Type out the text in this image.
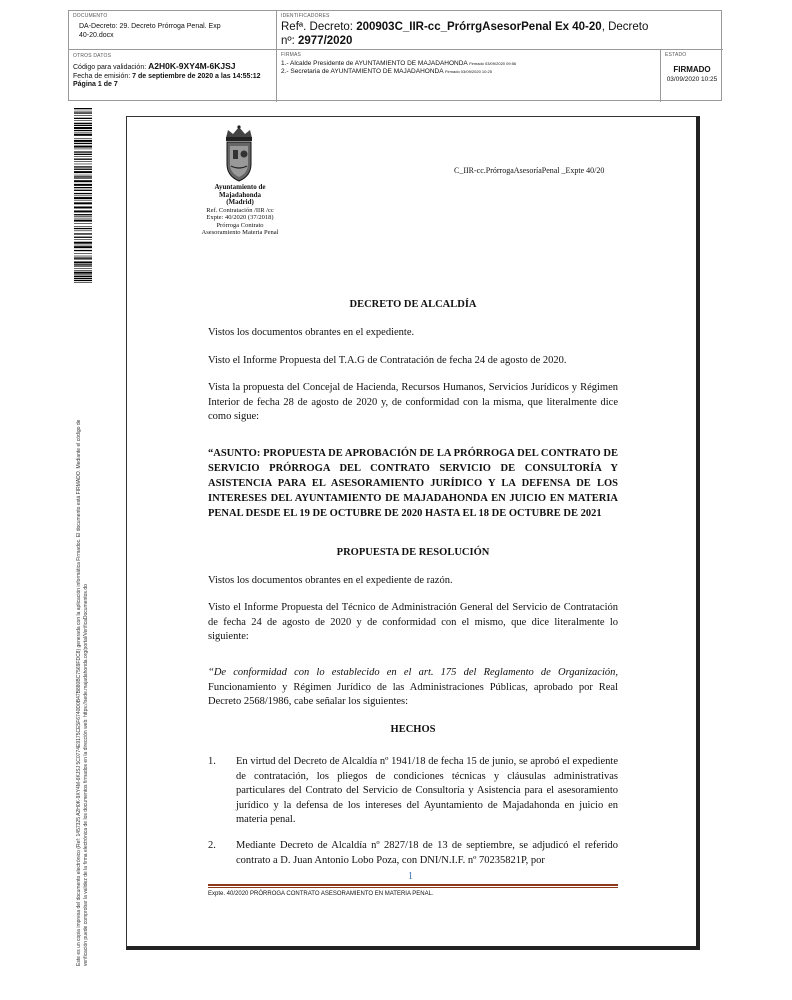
DOCUMENTO
DA-Decreto: 29. Decreto Prórroga Penal. Exp
40-20.docx
IDENTIFICADORES
Refª. Decreto: 200903C_IIR-cc_PrórrgAsesorPenal Ex 40-20, Decreto
nº: 2977/2020
OTROS DATOS
Código para validación: A2H0K-9XY4M-6KJSJ
Fecha de emisión: 7 de septiembre de 2020 a las 14:55:12
Página 1 de 7
FIRMAS
1.- Alcalde Presidente de AYUNTAMIENTO DE MAJADAHONDA Firmado 03/09/2020 09:56
2.- Secretaria de AYUNTAMIENTO DE MAJADAHONDA Firmado 03/09/2020 10:25
ESTADO
FIRMADO
03/09/2020 10:25
Este es un copia impresa del documento electrónico (Ref: 1457325 A2H0K-9XY4M-6KJSJ 5C0774E9175CE5F6740D0B47B880BC7569FDC8) generada con la aplicación informática Firmadoc. El documento está FIRMADO. Mediante el código de verificación puede comprobar la validez de la firma electrónica de los documentos firmados en la dirección web: https://sede.majadahonda.org/portal/VerificaDocumentos.do
Ayuntamiento de
Majadahonda
(Madrid)
Ref. Contratación /IIR /cc
Expte: 40/2020 (37/2018)
Prórroga Contrato
Asesoramiento Materia Penal
C_IIR-cc.PrórrogaAsesoríaPenal _Expte 40/20
DECRETO DE ALCALDÍA
Vistos los documentos obrantes en el expediente.
Visto el Informe Propuesta del T.A.G de Contratación de fecha 24 de agosto de 2020.
Vista la propuesta del Concejal de Hacienda, Recursos Humanos, Servicios Jurídicos y Régimen Interior de fecha 28 de agosto de 2020 y, de conformidad con la misma, que literalmente dice como sigue:
“ASUNTO: PROPUESTA DE APROBACIÓN DE LA PRÓRROGA DEL CONTRATO DE SERVICIO PRÓRROGA DEL CONTRATO SERVICIO DE CONSULTORÍA Y ASISTENCIA PARA EL ASESORAMIENTO JURÍDICO Y LA DEFENSA DE LOS INTERESES DEL AYUNTAMIENTO DE MAJADAHONDA EN JUICIO EN MATERIA PENAL DESDE EL 19 DE OCTUBRE DE 2020 HASTA EL 18 DE OCTUBRE DE 2021
PROPUESTA DE RESOLUCIÓN
Vistos los documentos obrantes en el expediente de razón.
Visto el Informe Propuesta del Técnico de Administración General del Servicio de Contratación de fecha 24 de agosto de 2020 y de conformidad con el mismo, que dice literalmente lo siguiente:
“De conformidad con lo establecido en el art. 175 del Reglamento de Organización, Funcionamiento y Régimen Jurídico de las Administraciones Públicas, aprobado por Real Decreto 2568/1986, cabe señalar los siguientes:
HECHOS
1. En virtud del Decreto de Alcaldía nº 1941/18 de fecha 15 de junio, se aprobó el expediente de contratación, los pliegos de condiciones técnicas y cláusulas administrativas particulares del Contrato del Servicio de Consultoría y Asistencia para el asesoramiento jurídico y la defensa de los intereses del Ayuntamiento de Majadahonda en juicio en materia penal.
2. Mediante Decreto de Alcaldía nº 2827/18 de 13 de septiembre, se adjudicó el referido contrato a D. Juan Antonio Lobo Poza, con DNI/N.I.F. nº 70235821P, por
1
Expte. 40/2020 PRÓRROGA CONTRATO ASESORAMIENTO EN MATERIA PENAL.
